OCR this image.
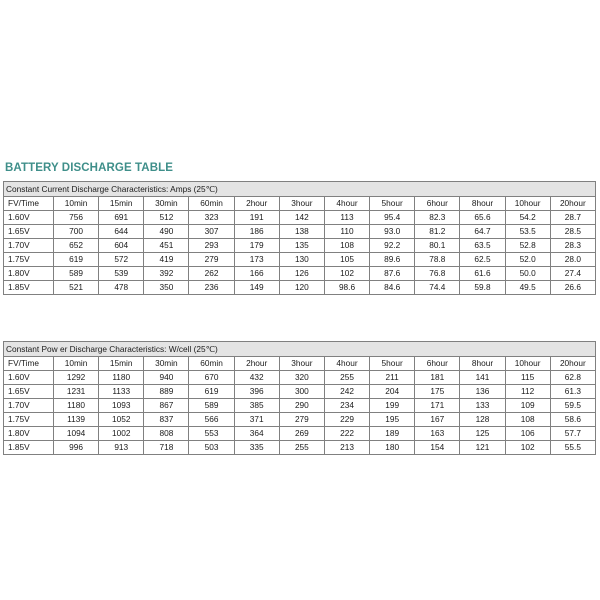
BATTERY DISCHARGE TABLE
Constant Current Discharge Characteristics: Amps (25℃)
FV/Time	10min	15min	30min	60min	2hour	3hour	4hour	5hour	6hour	8hour	10hour	20hour
1.60V	756	691	512	323	191	142	113	95.4	82.3	65.6	54.2	28.7
1.65V	700	644	490	307	186	138	110	93.0	81.2	64.7	53.5	28.5
1.70V	652	604	451	293	179	135	108	92.2	80.1	63.5	52.8	28.3
1.75V	619	572	419	279	173	130	105	89.6	78.8	62.5	52.0	28.0
1.80V	589	539	392	262	166	126	102	87.6	76.8	61.6	50.0	27.4
1.85V	521	478	350	236	149	120	98.6	84.6	74.4	59.8	49.5	26.6
Constant Pow er Discharge Characteristics: W/cell (25℃)
FV/Time	10min	15min	30min	60min	2hour	3hour	4hour	5hour	6hour	8hour	10hour	20hour
1.60V	1292	1180	940	670	432	320	255	211	181	141	115	62.8
1.65V	1231	1133	889	619	396	300	242	204	175	136	112	61.3
1.70V	1180	1093	867	589	385	290	234	199	171	133	109	59.5
1.75V	1139	1052	837	566	371	279	229	195	167	128	108	58.6
1.80V	1094	1002	808	553	364	269	222	189	163	125	106	57.7
1.85V	996	913	718	503	335	255	213	180	154	121	102	55.5
